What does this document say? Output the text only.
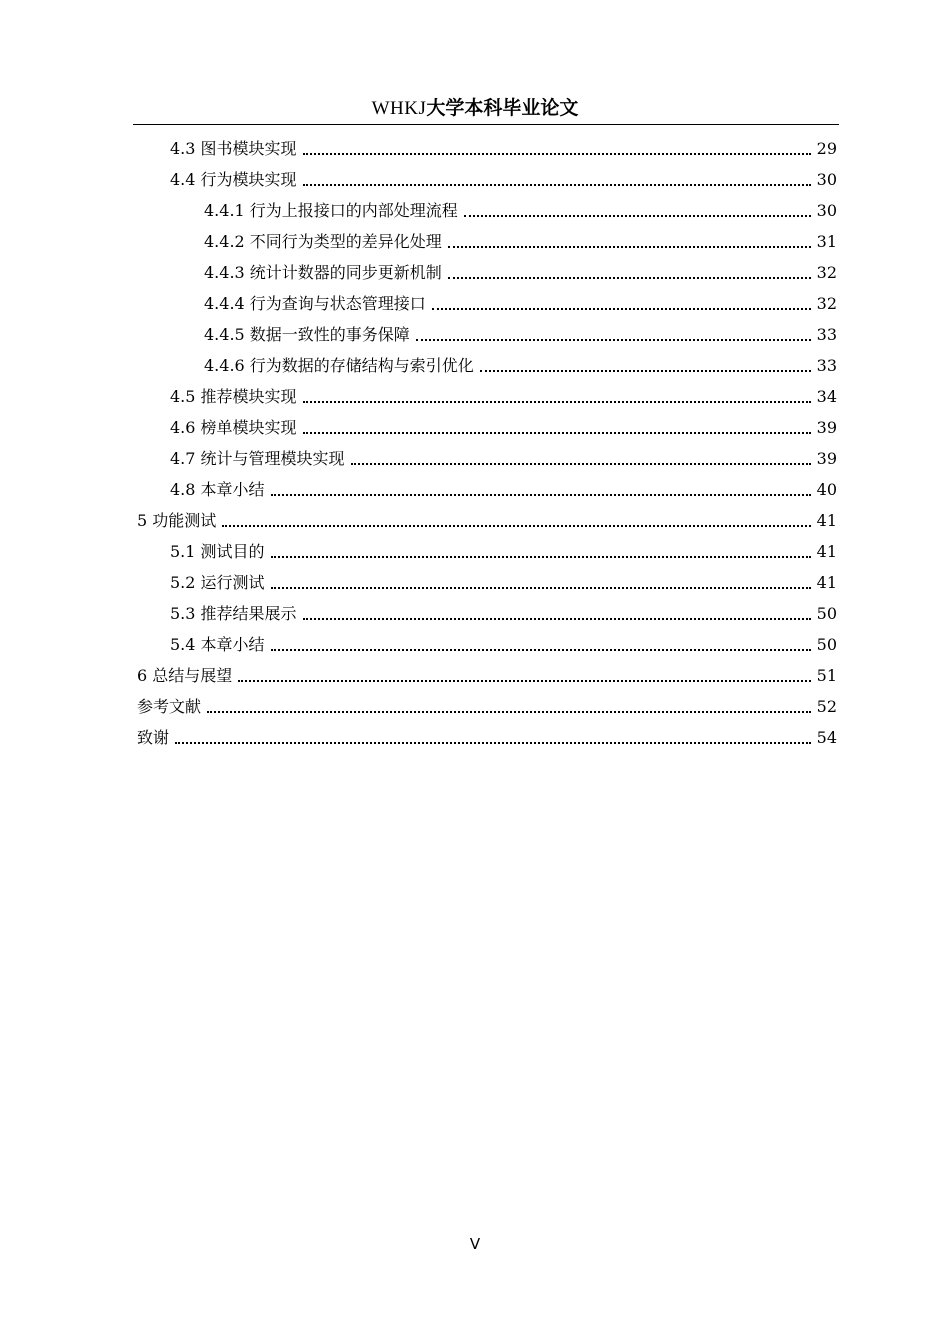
WHKJ大学本科毕业论文
4.3 图书模块实现	29
4.4 行为模块实现	30
4.4.1 行为上报接口的内部处理流程	30
4.4.2 不同行为类型的差异化处理	31
4.4.3 统计计数器的同步更新机制	32
4.4.4 行为查询与状态管理接口	32
4.4.5 数据一致性的事务保障	33
4.4.6 行为数据的存储结构与索引优化	33
4.5 推荐模块实现	34
4.6 榜单模块实现	39
4.7 统计与管理模块实现	39
4.8 本章小结	40
5 功能测试	41
5.1 测试目的	41
5.2 运行测试	41
5.3 推荐结果展示	50
5.4 本章小结	50
6 总结与展望	51
参考文献	52
致谢	54
V
